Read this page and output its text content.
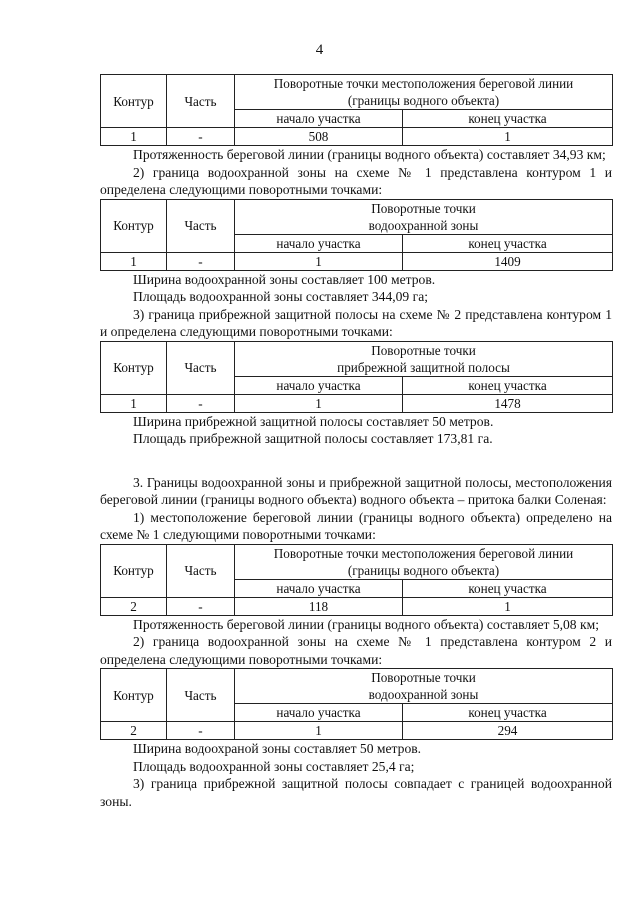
4
Контур	Часть	Поворотные точки местоположения береговой линии
(границы водного объекта)	

		начало участка	конец участка
1	-	508	1

Протяженность береговой линии (границы водного объекта) составляет 34,93 км;

2) граница водоохранной зоны на схеме № 1 представлена контуром 1 и определена следующими поворотными точками:

Контур	Часть	Поворотные точки
водоохранной зоны	

		начало участка	конец участка
1	-	1	1409

Ширина водоохранной зоны составляет 100 метров.

Площадь водоохранной зоны составляет 344,09 га;

3) граница прибрежной защитной полосы на схеме № 2 представлена контуром 1 и определена следующими поворотными точками:

Контур	Часть	Поворотные точки
прибрежной защитной полосы	

		начало участка	конец участка
1	-	1	1478

Ширина прибрежной защитной полосы составляет 50 метров.

Площадь прибрежной защитной полосы составляет 173,81 га.

3. Границы водоохранной зоны и прибрежной защитной полосы, местоположения береговой линии (границы водного объекта) водного объекта – притока балки Соленая:

1) местоположение береговой линии (границы водного объекта) определено на схеме № 1 следующими поворотными точками:

Контур	Часть	Поворотные точки местоположения береговой линии
(границы водного объекта)	

		начало участка	конец участка
2	-	118	1

Протяженность береговой линии (границы водного объекта) составляет 5,08 км;

2) граница водоохранной зоны на схеме № 1 представлена контуром 2 и определена следующими поворотными точками:

Контур	Часть	Поворотные точки
водоохранной зоны	

		начало участка	конец участка
2	-	1	294

Ширина водоохраной зоны составляет 50 метров.

Площадь водоохранной зоны составляет 25,4 га;

3) граница прибрежной защитной полосы совпадает с границей водоохранной зоны.
